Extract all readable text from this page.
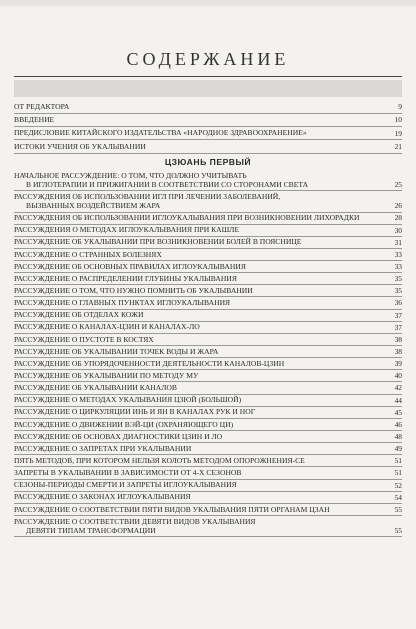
СОДЕРЖАНИЕ
ОТ РЕДАКТОРА	9
ВВЕДЕНИЕ	10
ПРЕДИСЛОВИЕ КИТАЙСКОГО ИЗДАТЕЛЬСТВА «НАРОДНОЕ ЗДРАВООХРАНЕНИЕ»	19
ИСТОКИ УЧЕНИЯ ОБ УКАЛЫВАНИИ	21
ЦЗЮАНЬ ПЕРВЫЙ
НАЧАЛЬНОЕ РАССУЖДЕНИЕ: О ТОМ, ЧТО ДОЛЖНО УЧИТЫВАТЬ
В ИГЛОТЕРАПИИ И ПРИЖИГАНИИ В СООТВЕТСТВИИ СО СТОРОНАМИ СВЕТА	25
РАССУЖДЕНИЯ ОБ ИСПОЛЬЗОВАНИИ ИГЛ ПРИ ЛЕЧЕНИИ ЗАБОЛЕВАНИЙ,
ВЫЗВАННЫХ ВОЗДЕЙСТВИЕМ ЖАРА	26
РАССУЖДЕНИЯ ОБ ИСПОЛЬЗОВАНИИ ИГЛОУКАЛЫВАНИЯ ПРИ ВОЗНИКНОВЕНИИ ЛИХОРАДКИ	28
РАССУЖДЕНИЯ О МЕТОДАХ ИГЛОУКАЛЫВАНИЯ ПРИ КАШЛЕ	30
РАССУЖДЕНИЕ ОБ УКАЛЫВАНИИ ПРИ ВОЗНИКНОВЕНИИ БОЛЕЙ В ПОЯСНИЦЕ	31
РАССУЖДЕНИЕ О СТРАННЫХ БОЛЕЗНЯХ	33
РАССУЖДЕНИЕ ОБ ОСНОВНЫХ ПРАВИЛАХ ИГЛОУКАЛЫВАНИЯ	33
РАССУЖДЕНИЕ О РАСПРЕДЕЛЕНИИ ГЛУБИНЫ УКАЛЫВАНИЯ	35
РАССУЖДЕНИЕ О ТОМ, ЧТО НУЖНО ПОМНИТЬ ОБ УКАЛЫВАНИИ	35
РАССУЖДЕНИЕ О ГЛАВНЫХ ПУНКТАХ ИГЛОУКАЛЫВАНИЯ	36
РАССУЖДЕНИЕ ОБ ОТДЕЛАХ КОЖИ	37
РАССУЖДЕНИЕ О КАНАЛАХ-ЦЗИН И КАНАЛАХ-ЛО	37
РАССУЖДЕНИЕ О ПУСТОТЕ В КОСТЯХ	38
РАССУЖДЕНИЕ ОБ УКАЛЫВАНИИ ТОЧЕК ВОДЫ И ЖАРА	38
РАССУЖДЕНИЕ ОБ УПОРЯДОЧЕННОСТИ ДЕЯТЕЛЬНОСТИ КАНАЛОВ-ЦЗИН	39
РАССУЖДЕНИЕ ОБ УКАЛЫВАНИИ ПО МЕТОДУ МУ	40
РАССУЖДЕНИЕ ОБ УКАЛЫВАНИИ КАНАЛОВ	42
РАССУЖДЕНИЕ О МЕТОДАХ УКАЛЫВАНИЯ ЦЗЮЙ (БОЛЬШОЙ)	44
РАССУЖДЕНИЕ О ЦИРКУЛЯЦИИ ИНЬ И ЯН В КАНАЛАХ РУК И НОГ	45
РАССУЖДЕНИЕ О ДВИЖЕНИИ ВЭЙ-ЦИ (ОХРАНЯЮЩЕГО ЦИ)	46
РАССУЖДЕНИЕ ОБ ОСНОВАХ ДИАГНОСТИКИ ЦЗИН И ЛО	48
РАССУЖДЕНИЕ О ЗАПРЕТАХ ПРИ УКАЛЫВАНИИ	49
ПЯТЬ МЕТОДОВ, ПРИ КОТОРОМ НЕЛЬЗЯ КОЛОТЬ МЕТОДОМ ОПОРОЖНЕНИЯ-СЕ	51
ЗАПРЕТЫ В УКАЛЫВАНИИ В ЗАВИСИМОСТИ ОТ 4-Х СЕЗОНОВ	51
СЕЗОНЫ-ПЕРИОДЫ СМЕРТИ И ЗАПРЕТЫ ИГЛОУКАЛЫВАНИЯ	52
РАССУЖДЕНИЕ О ЗАКОНАХ ИГЛОУКАЛЫВАНИЯ	54
РАССУЖДЕНИЕ О СООТВЕТСТВИИ ПЯТИ ВИДОВ УКАЛЫВАНИЯ ПЯТИ ОРГАНАМ ЦЗАН	55
РАССУЖДЕНИЕ О СООТВЕТСТВИИ ДЕВЯТИ ВИДОВ УКАЛЫВАНИЯ
ДЕВЯТИ ТИПАМ ТРАНСФОРМАЦИИ	55
